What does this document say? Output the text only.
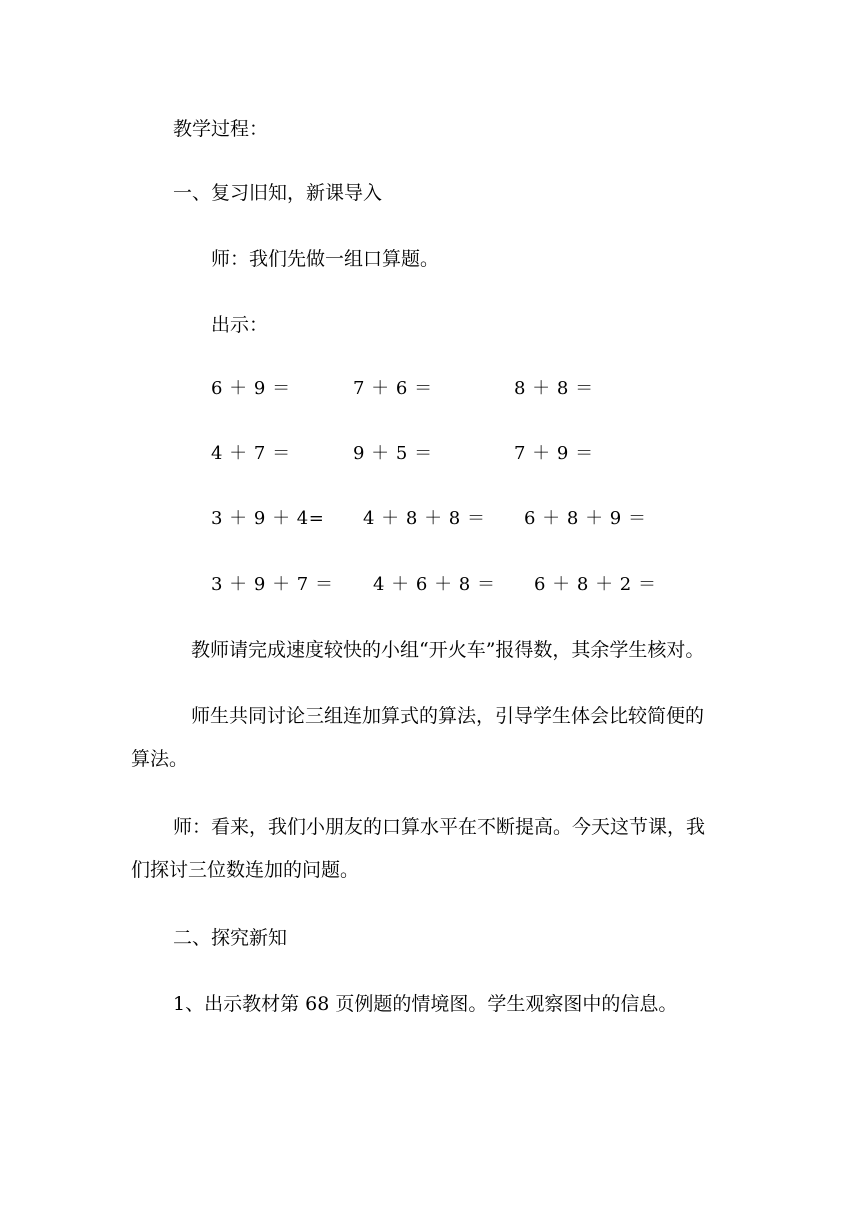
教学过程：
一、复习旧知，新课导入
师：我们先做一组口算题。
出示：
6 ＋ 9 ＝	7 ＋ 6 ＝	8 ＋ 8 ＝
4 ＋ 7 ＝	9 ＋ 5 ＝	7 ＋ 9 ＝
3 ＋ 9 ＋ 4= 4 ＋ 8 ＋ 8 ＝ 6 ＋ 8 ＋ 9 ＝
3 ＋ 9 ＋ 7 ＝ 4 ＋ 6 ＋ 8 ＝ 6 ＋ 8 ＋ 2 ＝
教师请完成速度较快的小组“开火车”报得数，其余学生核对。
师生共同讨论三组连加算式的算法，引导学生体会比较简便的
算法。
师：看来，我们小朋友的口算水平在不断提高。今天这节课，我
们探讨三位数连加的问题。
二、探究新知
1、出示教材第 68 页例题的情境图。学生观察图中的信息。
